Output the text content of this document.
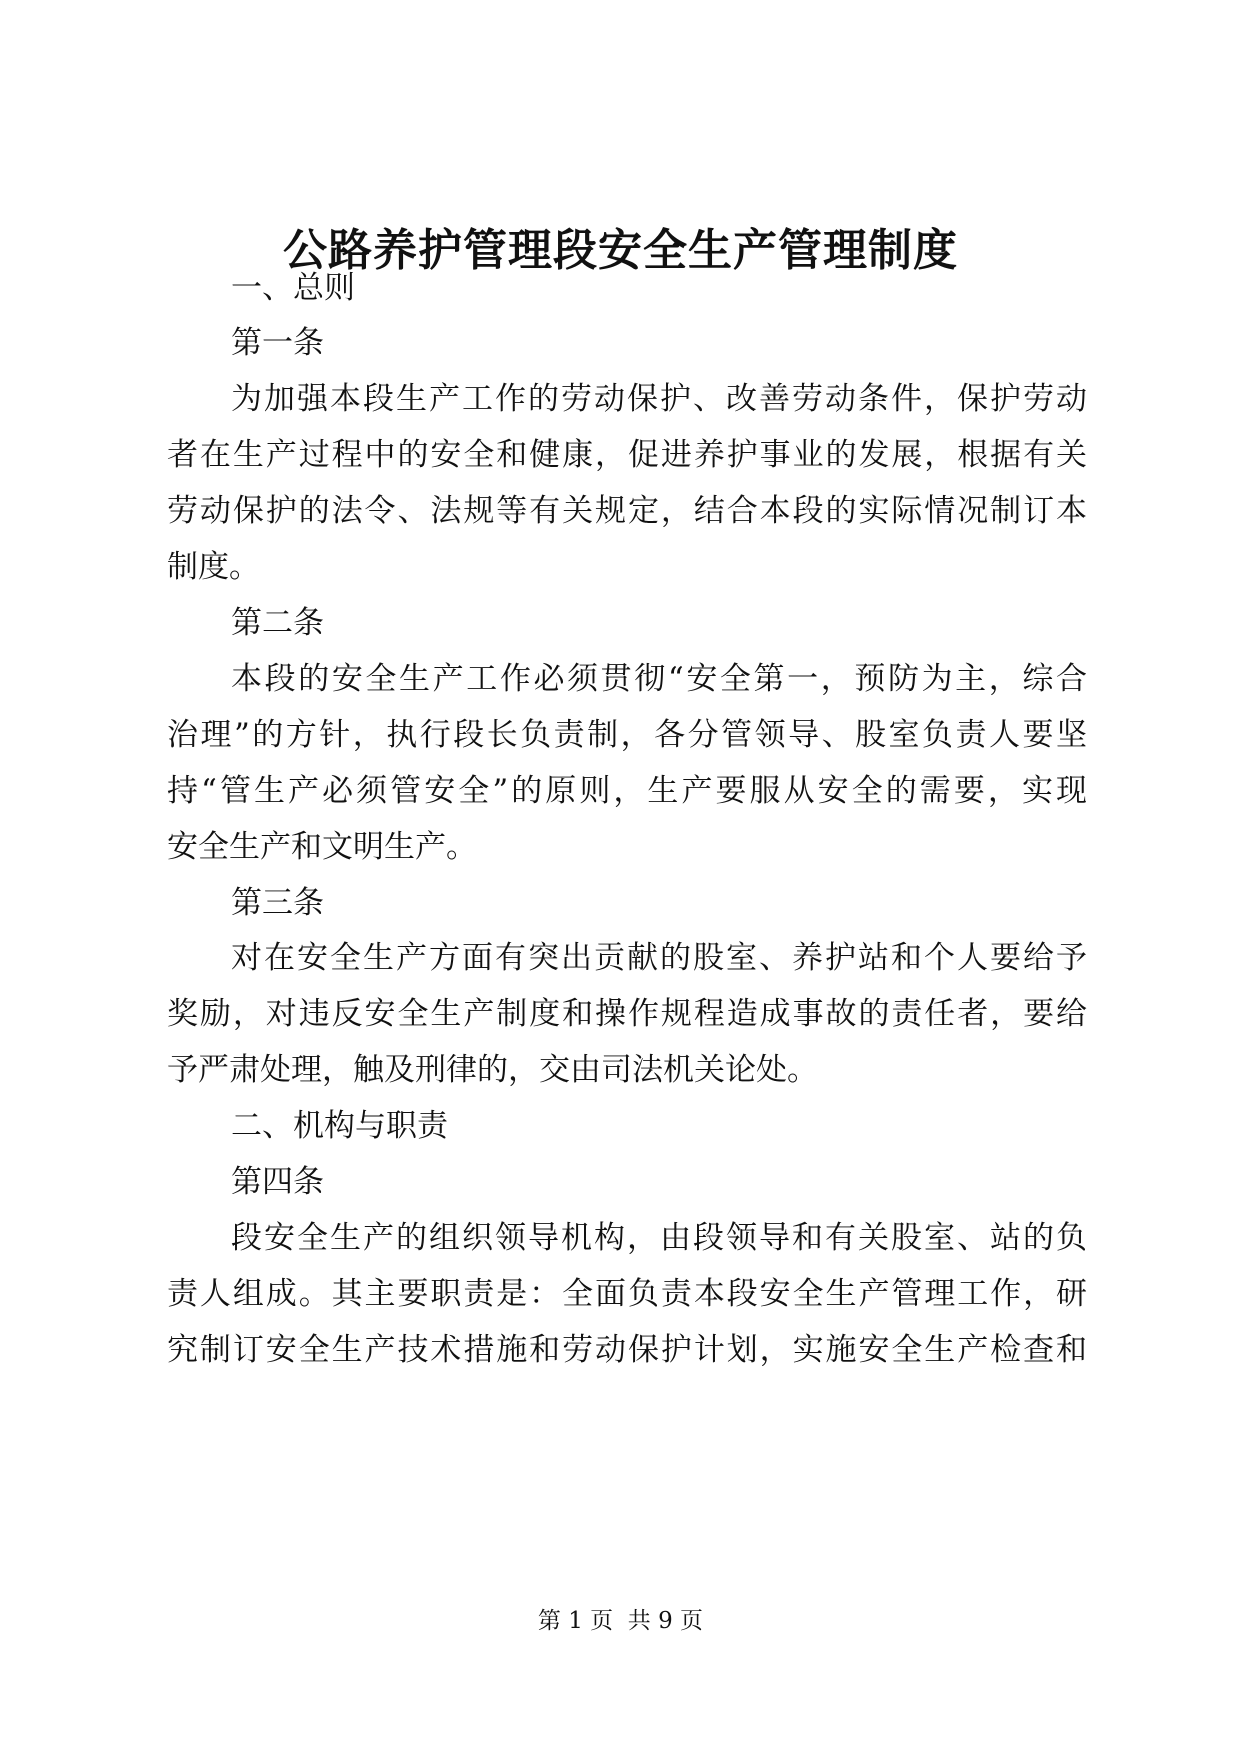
公路养护管理段安全生产管理制度
一、总则
第一条
为加强本段生产工作的劳动保护、改善劳动条件，保护劳动
者在生产过程中的安全和健康，促进养护事业的发展，根据有关
劳动保护的法令、法规等有关规定，结合本段的实际情况制订本
制度。
第二条
本段的安全生产工作必须贯彻“安全第一，预防为主，综合
治理”的方针，执行段长负责制，各分管领导、股室负责人要坚
持“管生产必须管安全”的原则，生产要服从安全的需要，实现
安全生产和文明生产。
第三条
对在安全生产方面有突出贡献的股室、养护站和个人要给予
奖励，对违反安全生产制度和操作规程造成事故的责任者，要给
予严肃处理，触及刑律的，交由司法机关论处。
二、机构与职责
第四条
段安全生产的组织领导机构，由段领导和有关股室、站的负
责人组成。其主要职责是：全面负责本段安全生产管理工作，研
究制订安全生产技术措施和劳动保护计划，实施安全生产检查和
第 1 页  共 9 页
